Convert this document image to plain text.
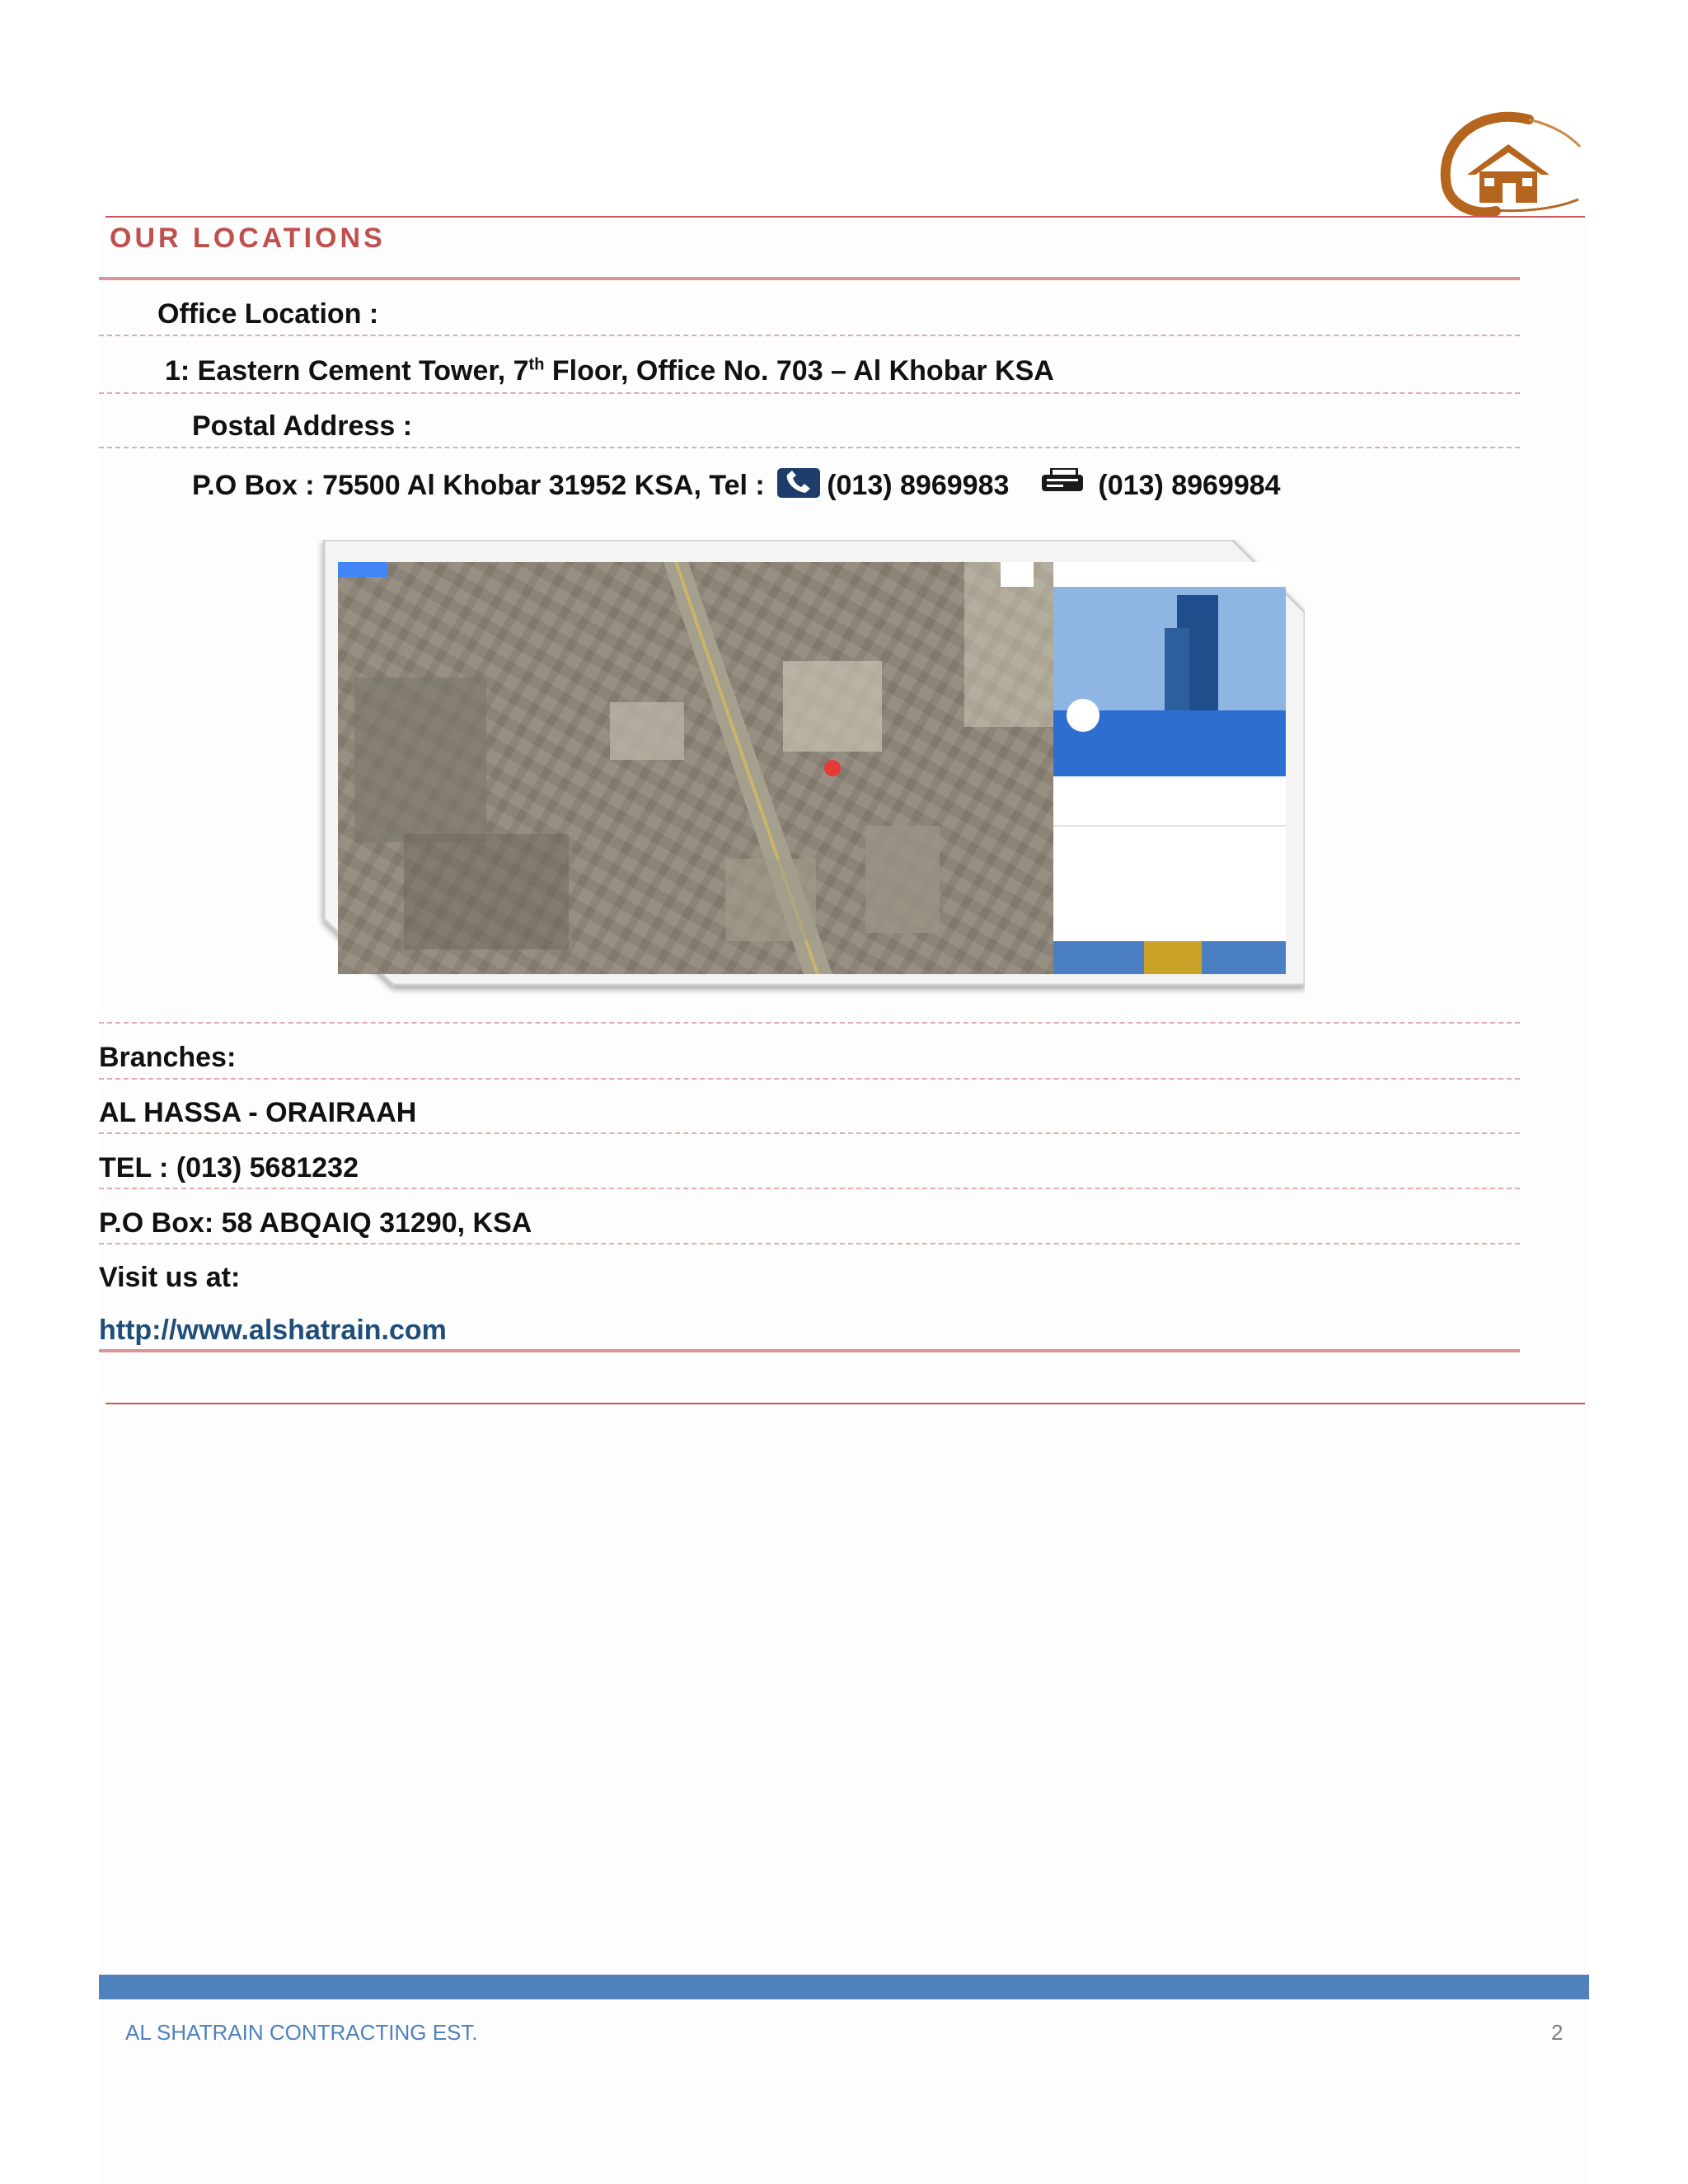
OUR LOCATIONS
Office Location :
1: Eastern Cement Tower, 7th Floor, Office No. 703 – Al Khobar KSA
Postal Address :
P.O Box : 75500 Al Khobar 31952 KSA, Tel : (013) 8969983	(013) 8969984
Branches:
AL HASSA - ORAIRAAH
TEL : (013) 5681232
P.O Box: 58 ABQAIQ 31290, KSA
Visit us at:
http://www.alshatrain.com
AL SHATRAIN CONTRACTING EST.	2
